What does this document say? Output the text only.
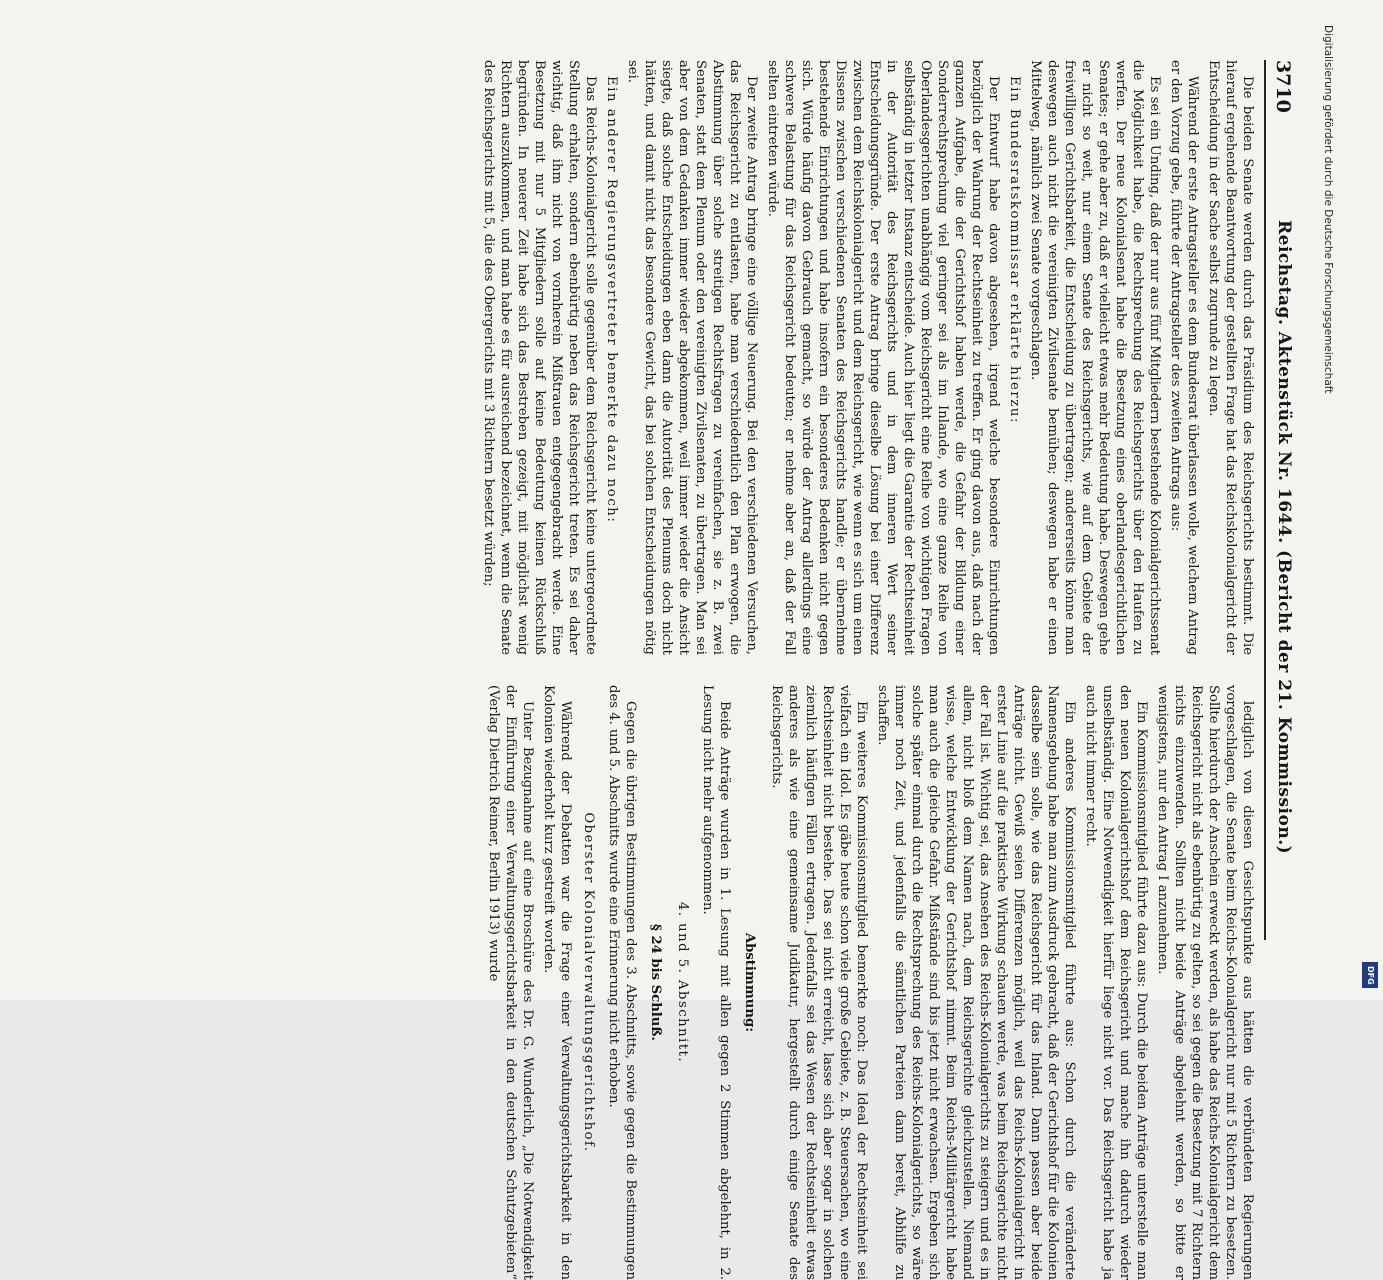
3710
Reichstag. Aktenstück Nr. 1644. (Bericht der 21. Kommission.)

Die beiden Senate werden durch das Präsidium des Reichsgerichts bestimmt. Die hierauf ergehende Beantwortung der gestellten Frage hat das Reichskolonialgericht der Entscheidung in der Sache selbst zugrunde zu legen.

Während der erste Antragsteller es dem Bundesrat überlassen wolle, welchem Antrag er den Vorzug gebe, führte der Antragsteller des zweiten Antrags aus:

Es sei ein Unding, daß der nur aus fünf Mitgliedern bestehende Kolonialgerichtssenat die Möglichkeit habe, die Rechtsprechung des Reichsgerichts über den Haufen zu werfen. Der neue Kolonialsenat habe die Besetzung eines oberlandesgerichtlichen Senates; er gehe aber zu, daß er vielleicht etwas mehr Bedeutung habe. Deswegen gehe er nicht so weit, nur einem Senate des Reichsgerichts, wie auf dem Gebiete der freiwilligen Gerichtsbarkeit, die Entscheidung zu übertragen; andererseits könne man deswegen auch nicht die vereinigten Zivilsenate bemühen; deswegen habe er einen Mittelweg, nämlich zwei Senate vorgeschlagen.

Ein Bundesratskommissar erklärte hierzu:

Der Entwurf habe davon abgesehen, irgend welche besondere Einrichtungen bezüglich der Wahrung der Rechtseinheit zu treffen. Er ging davon aus, daß nach der ganzen Aufgabe, die der Gerichtshof haben werde, die Gefahr der Bildung einer Sonderrechtsprechung viel geringer sei als im Inlande, wo eine ganze Reihe von Oberlandesgerichten unabhängig vom Reichsgericht eine Reihe von wichtigen Fragen selbständig in letzter Instanz entscheide. Auch hier liegt die Garantie der Rechtseinheit in der Autorität des Reichsgerichts und in dem inneren Wert seiner Entscheidungsgründe. Der erste Antrag bringe dieselbe Lösung bei einer Differenz zwischen dem Reichskolonialgericht und dem Reichsgericht, wie wenn es sich um einen Dissens zwischen verschiedenen Senaten des Reichsgerichts handle; er übernehme bestehende Einrichtungen und habe insofern ein besonderes Bedenken nicht gegen sich. Würde häufig davon Gebrauch gemacht, so würde der Antrag allerdings eine schwere Belastung für das Reichsgericht bedeuten; er nehme aber an, daß der Fall selten eintreten würde.

Der zweite Antrag bringe eine völlige Neuerung. Bei den verschiedenen Versuchen, das Reichsgericht zu entlasten, habe man verschiedentlich den Plan erwogen, die Abstimmung über solche streitigen Rechtsfragen zu vereinfachen, sie z. B. zwei Senaten, statt dem Plenum oder den vereinigten Zivilsenaten, zu übertragen. Man sei aber von dem Gedanken immer wieder abgekommen, weil immer wieder die Ansicht siegte, daß solche Entscheidungen eben dann die Autorität des Plenums doch nicht hätten, und damit nicht das besondere Gewicht, das bei solchen Entscheidungen nötig sei.

Ein anderer Regierungsvertreter bemerkte dazu noch:

Das Reichs-Kolonialgericht solle gegenüber dem Reichsgericht keine untergeordnete Stellung erhalten, sondern ebenbürtig neben das Reichsgericht treten. Es sei daher wichtig, daß ihm nicht von vornherein Mißtrauen entgegengebracht werde. Eine Besetzung mit nur 5 Mitgliedern solle auf keine Bedeutung keinen Rückschluß begründen. In neuerer Zeit habe sich das Bestreben gezeigt, mit möglichst wenig Richtern auszukommen, und man habe es für ausreichend bezeichnet, wenn die Senate des Reichsgerichts mit 5, die des Obergerichts mit 3 Richtern besetzt würden;

lediglich von diesen Gesichtspunkte aus hätten die verbündeten Regierungen vorgeschlagen, die Senate beim Reichs-Kolonialgericht nur mit 5 Richtern zu besetzen. Sollte hierdurch der Anschein erweckt werden, als habe das Reichs-Kolonialgericht dem Reichsgericht nicht als ebenbürtig zu gelten, so sei gegen die Besetzung mit 7 Richtern nichts einzuwenden. Sollten nicht beide Anträge abgelehnt werden, so bitte er wenigstens, nur den Antrag I anzunehmen.

Ein Kommissionsmitglied führte dazu aus: Durch die beiden Anträge unterstelle man den neuen Kolonialgerichtshof dem Reichsgericht und mache ihn dadurch wieder unselbständig. Eine Notwendigkeit hierfür liege nicht vor. Das Reichsgericht habe ja auch nicht immer recht.

Ein anderes Kommissionsmitglied führte aus: Schon durch die veränderte Namensgebung habe man zum Ausdruck gebracht, daß der Gerichtshof für die Kolonien dasselbe sein solle, wie das Reichsgericht für das Inland. Dann passen aber beide Anträge nicht. Gewiß seien Differenzen möglich, weil das Reichs-Kolonialgericht in erster Linie auf die praktische Wirkung schauen werde, was beim Reichsgerichte nicht der Fall ist. Wichtig sei, das Ansehen des Reichs-Kolonialgerichts zu steigern und es in allem, nicht bloß dem Namen nach, dem Reichsgerichte gleichzustellen. Niemand wisse, welche Entwicklung der Gerichtshof nimmt. Beim Reichs-Militärgericht habe man auch die gleiche Gefahr. Mißstände sind bis jetzt nicht erwachsen. Ergeben sich solche später einmal durch die Rechtsprechung des Reichs-Kolonialgerichts, so wäre immer noch Zeit, und jedenfalls die sämtlichen Parteien dann bereit, Abhilfe zu schaffen.

Ein weiteres Kommissionsmitglied bemerkte noch: Das Ideal der Rechtseinheit sei vielfach ein Idol. Es gäbe heute schon viele große Gebiete, z. B. Steuersachen, wo eine Rechtseinheit nicht bestehe. Das sei nicht erreicht, lasse sich aber sogar in solchen ziemlich häufigen Fällen ertragen. Jedenfalls sei das Wesen der Rechtseinheit etwas anderes als wie eine gemeinsame Judikatur, hergestellt durch einige Senate des Reichsgerichts.

Abstimmung:

Beide Anträge wurden in 1. Lesung mit allen gegen 2 Stimmen abgelehnt, in 2. Lesung nicht mehr aufgenommen.

4. und 5. Abschnitt.
§ 24 bis Schluß.

Gegen die übrigen Bestimmungen des 3. Abschnitts, sowie gegen die Bestimmungen des 4. und 5. Abschnitts wurde eine Erinnerung nicht erhoben.

Oberster Kolonialverwaltungsgerichtshof.

Während der Debatten war die Frage einer Verwaltungsgerichtsbarkeit in den Kolonien wiederholt kurz gestreift worden.

Unter Bezugnahme auf eine Broschüre des Dr. G. Wunderlich, „Die Notwendigkeit der Einführung einer Verwaltungsgerichtsbarkeit in den deutschen Schutzgebieten“ (Verlag Dietrich Reimer, Berlin 1913) wurde

Digitalisierung gefördert durch die Deutsche Forschungsgemeinschaft
DFG
